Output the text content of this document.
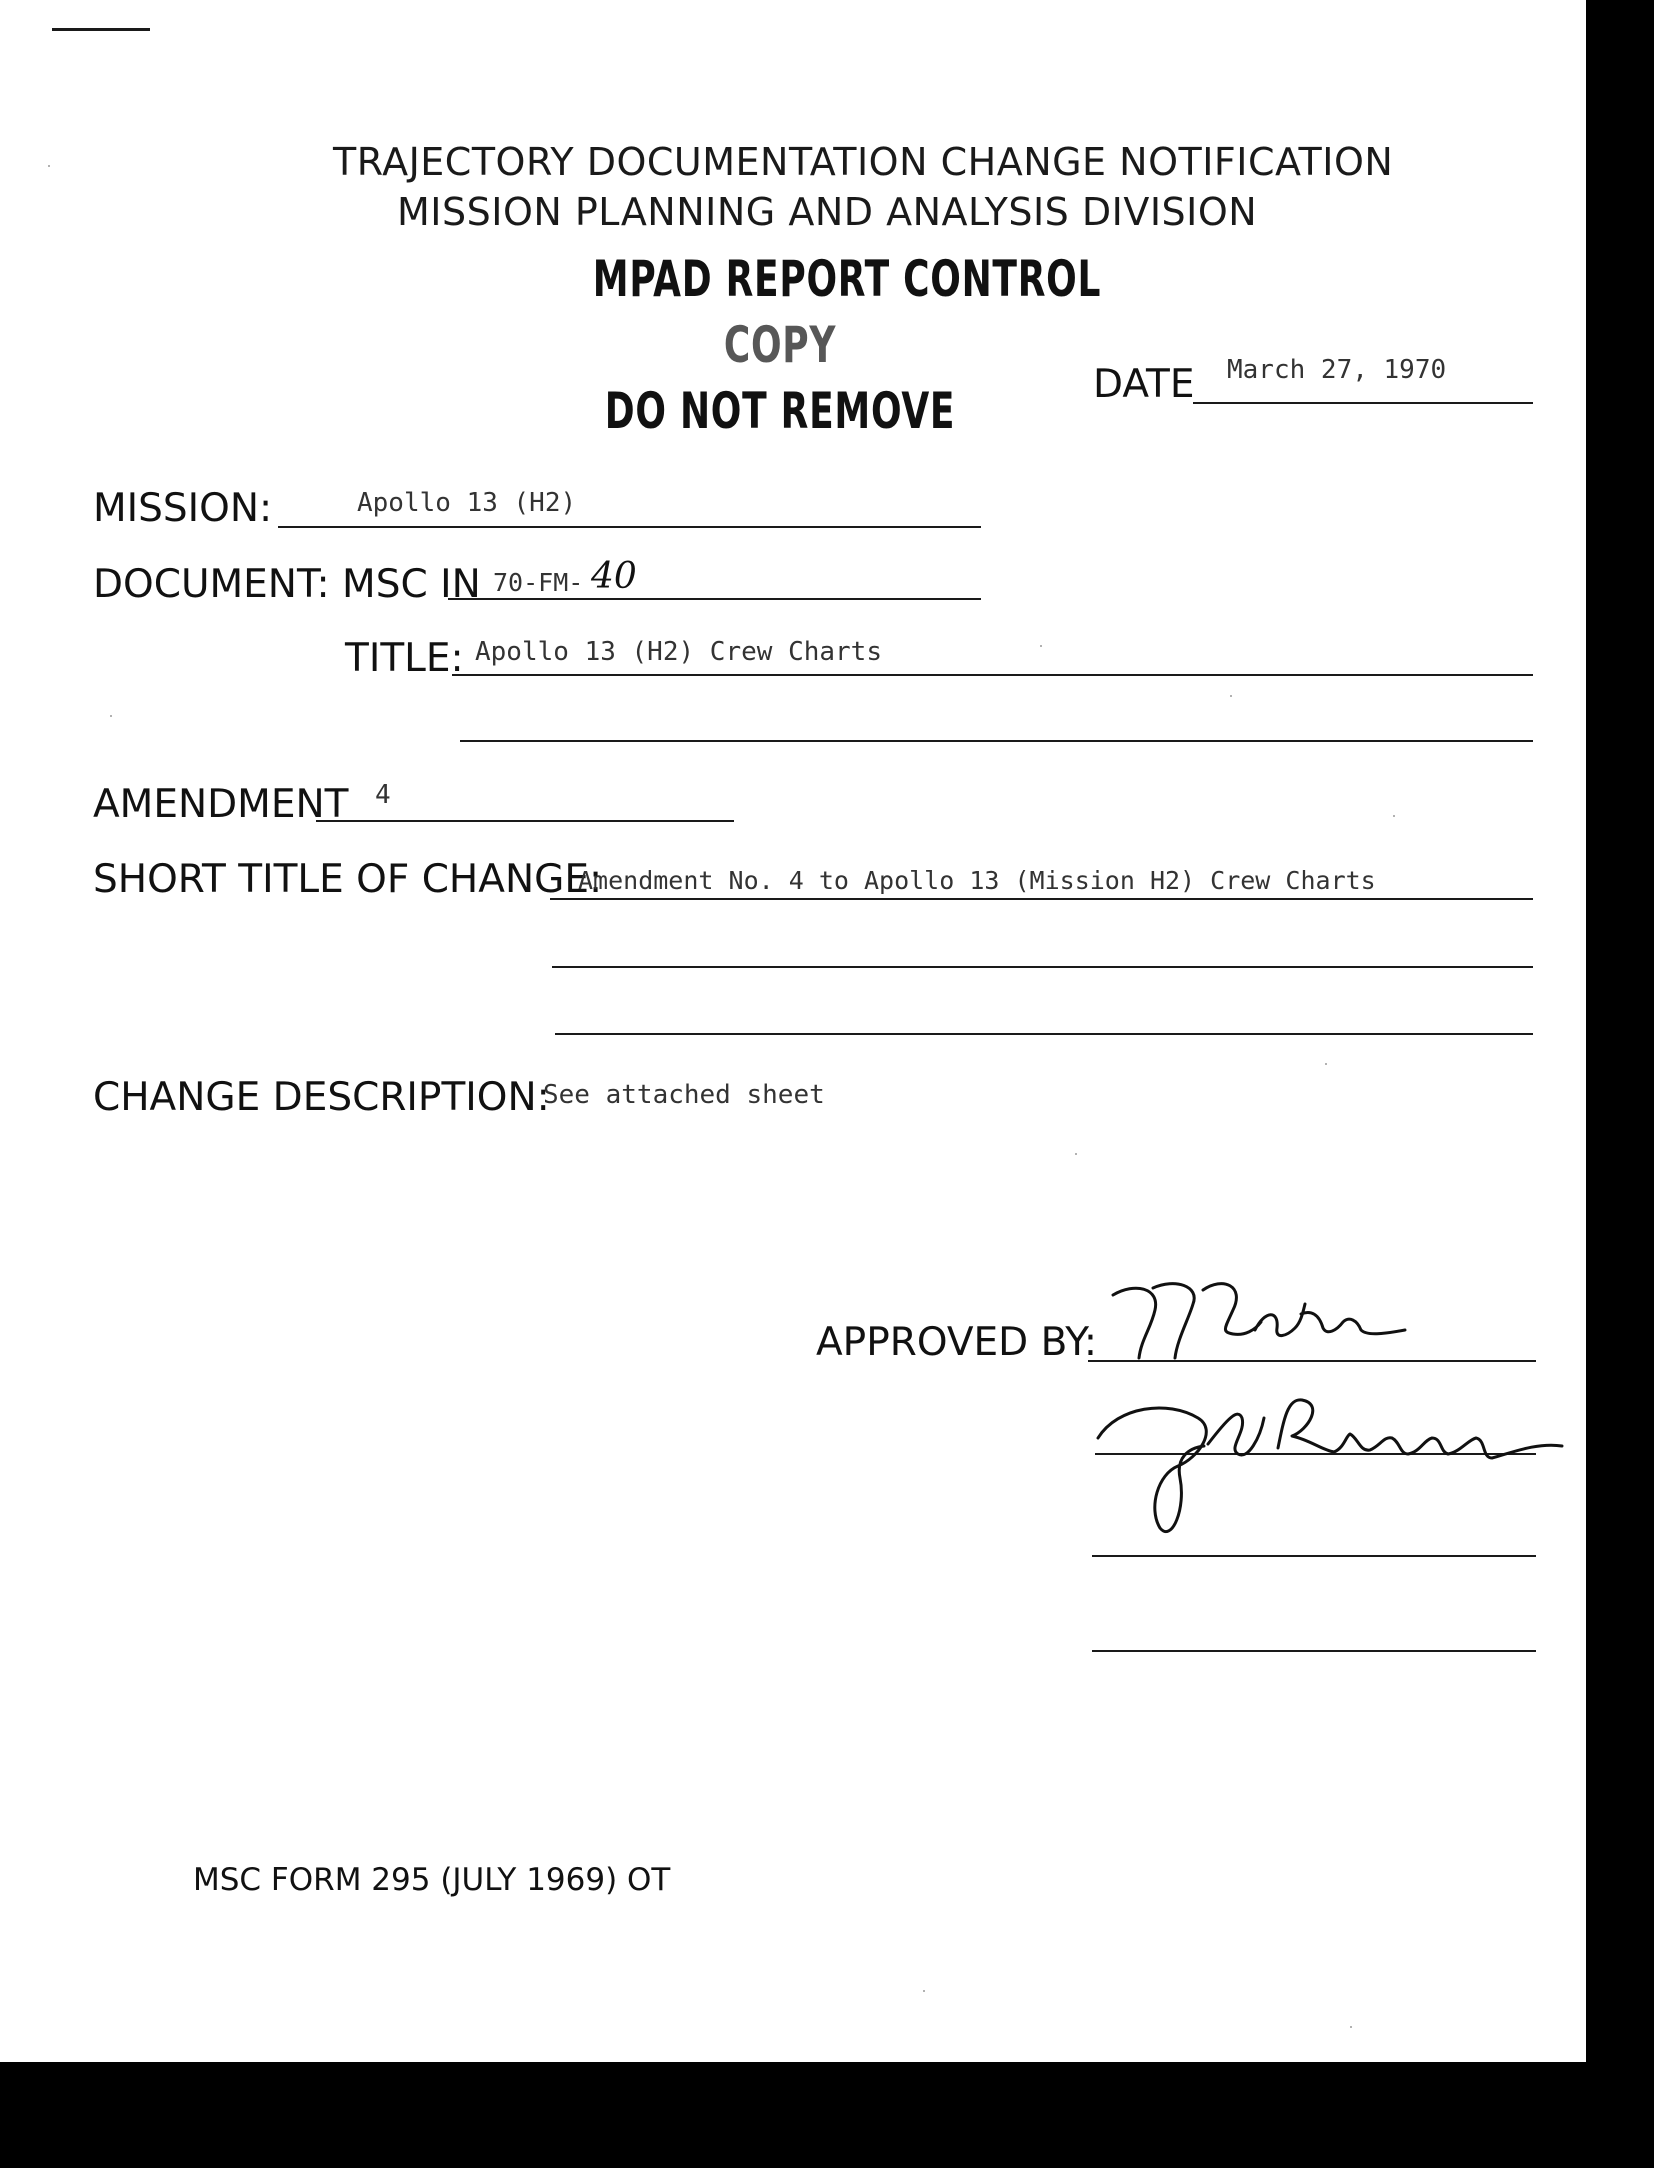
TRAJECTORY DOCUMENTATION CHANGE NOTIFICATION
MISSION PLANNING AND ANALYSIS DIVISION
MPAD REPORT CONTROL
COPY
DO NOT REMOVE	DATE March 27, 1970
MISSION:	Apollo 13 (H2)
DOCUMENT: MSC IN 70-FM- 40
TITLE: Apollo 13 (H2) Crew Charts
AMENDMENT 4
SHORT TITLE OF CHANGE:
Amendment No. 4 to Apollo 13 (Mission H2) Crew Charts
CHANGE DESCRIPTION:
See attached sheet
APPROVED BY:
MSC FORM 295 (JULY 1969) OT
